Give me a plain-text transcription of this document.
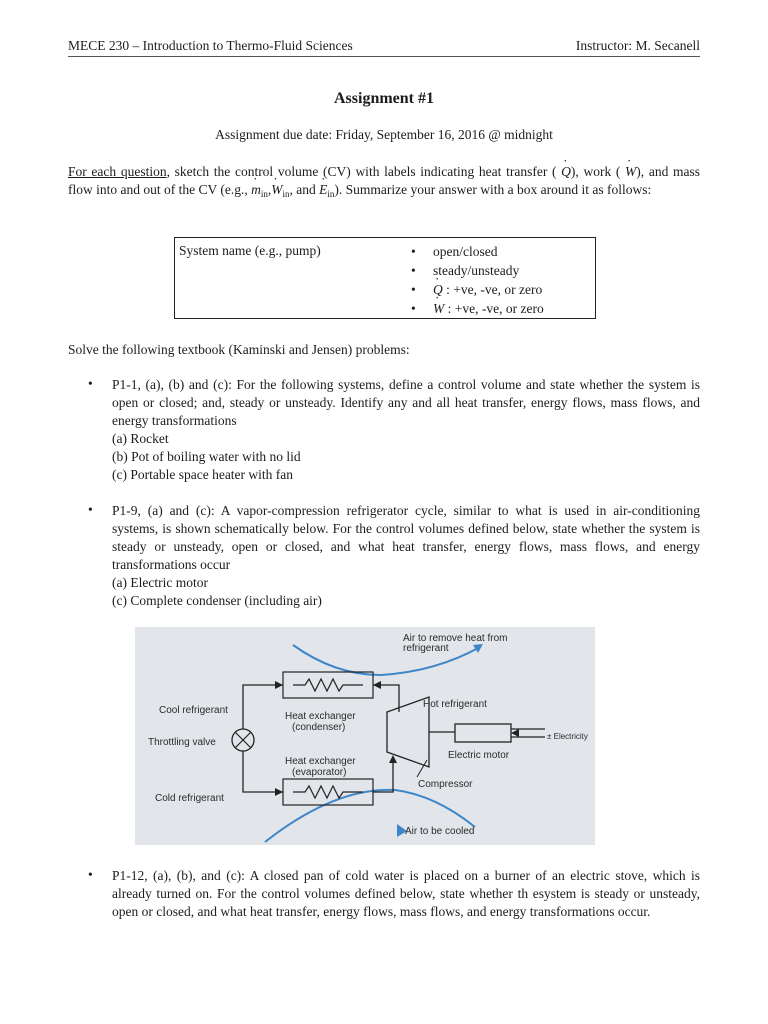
MECE 230 – Introduction to Thermo-Fluid Sciences	Instructor: M. Secanell
Assignment #1
Assignment due date: Friday, September 16, 2016 @ midnight
For each question, sketch the control volume (CV) with labels indicating heat transfer ( · Q), work ( · W), and mass flow into and out of the CV (e.g., · $m_{in},\cdot W_{in}$, and · $E_{in}$). Summarize your answer with a box around it as follows:
System name (e.g., pump)	• open/closed
• steady/unsteady
• · Q : +ve, -ve, or zero
• · W : +ve, -ve, or zero
Solve the following textbook (Kaminski and Jensen) problems:
• P1-1, (a), (b) and (c): For the following systems, define a control volume and state whether the system is open or closed; and, steady or unsteady. Identify any and all heat transfer, energy flows, mass flows, and energy transformations
(a) Rocket
(b) Pot of boiling water with no lid
(c) Portable space heater with fan
• P1-9, (a) and (c): A vapor-compression refrigerator cycle, similar to what is used in air-conditioning systems, is shown schematically below. For the control volumes defined below, state whether the system is steady or unsteady, open or closed, and what heat transfer, energy flows, mass flows, and energy transformations occur
(a) Electric motor
(c) Complete condenser (including air)
Air to remove heat from
refrigerant
Cool refrigerant
Heat exchanger
(condenser)
Hot refrigerant
Throttling valve
± Electricity
Heat exchanger
(evaporator)
Electric motor
Compressor
Cold refrigerant
Air to be cooled
• P1-12, (a), (b), and (c): A closed pan of cold water is placed on a burner of an electric stove, which is already turned on. For the control volumes defined below, state whether th esystem is steady or unsteady, open or closed, and what heat transfer, energy flows, mass flows, and energy transformations occur.
